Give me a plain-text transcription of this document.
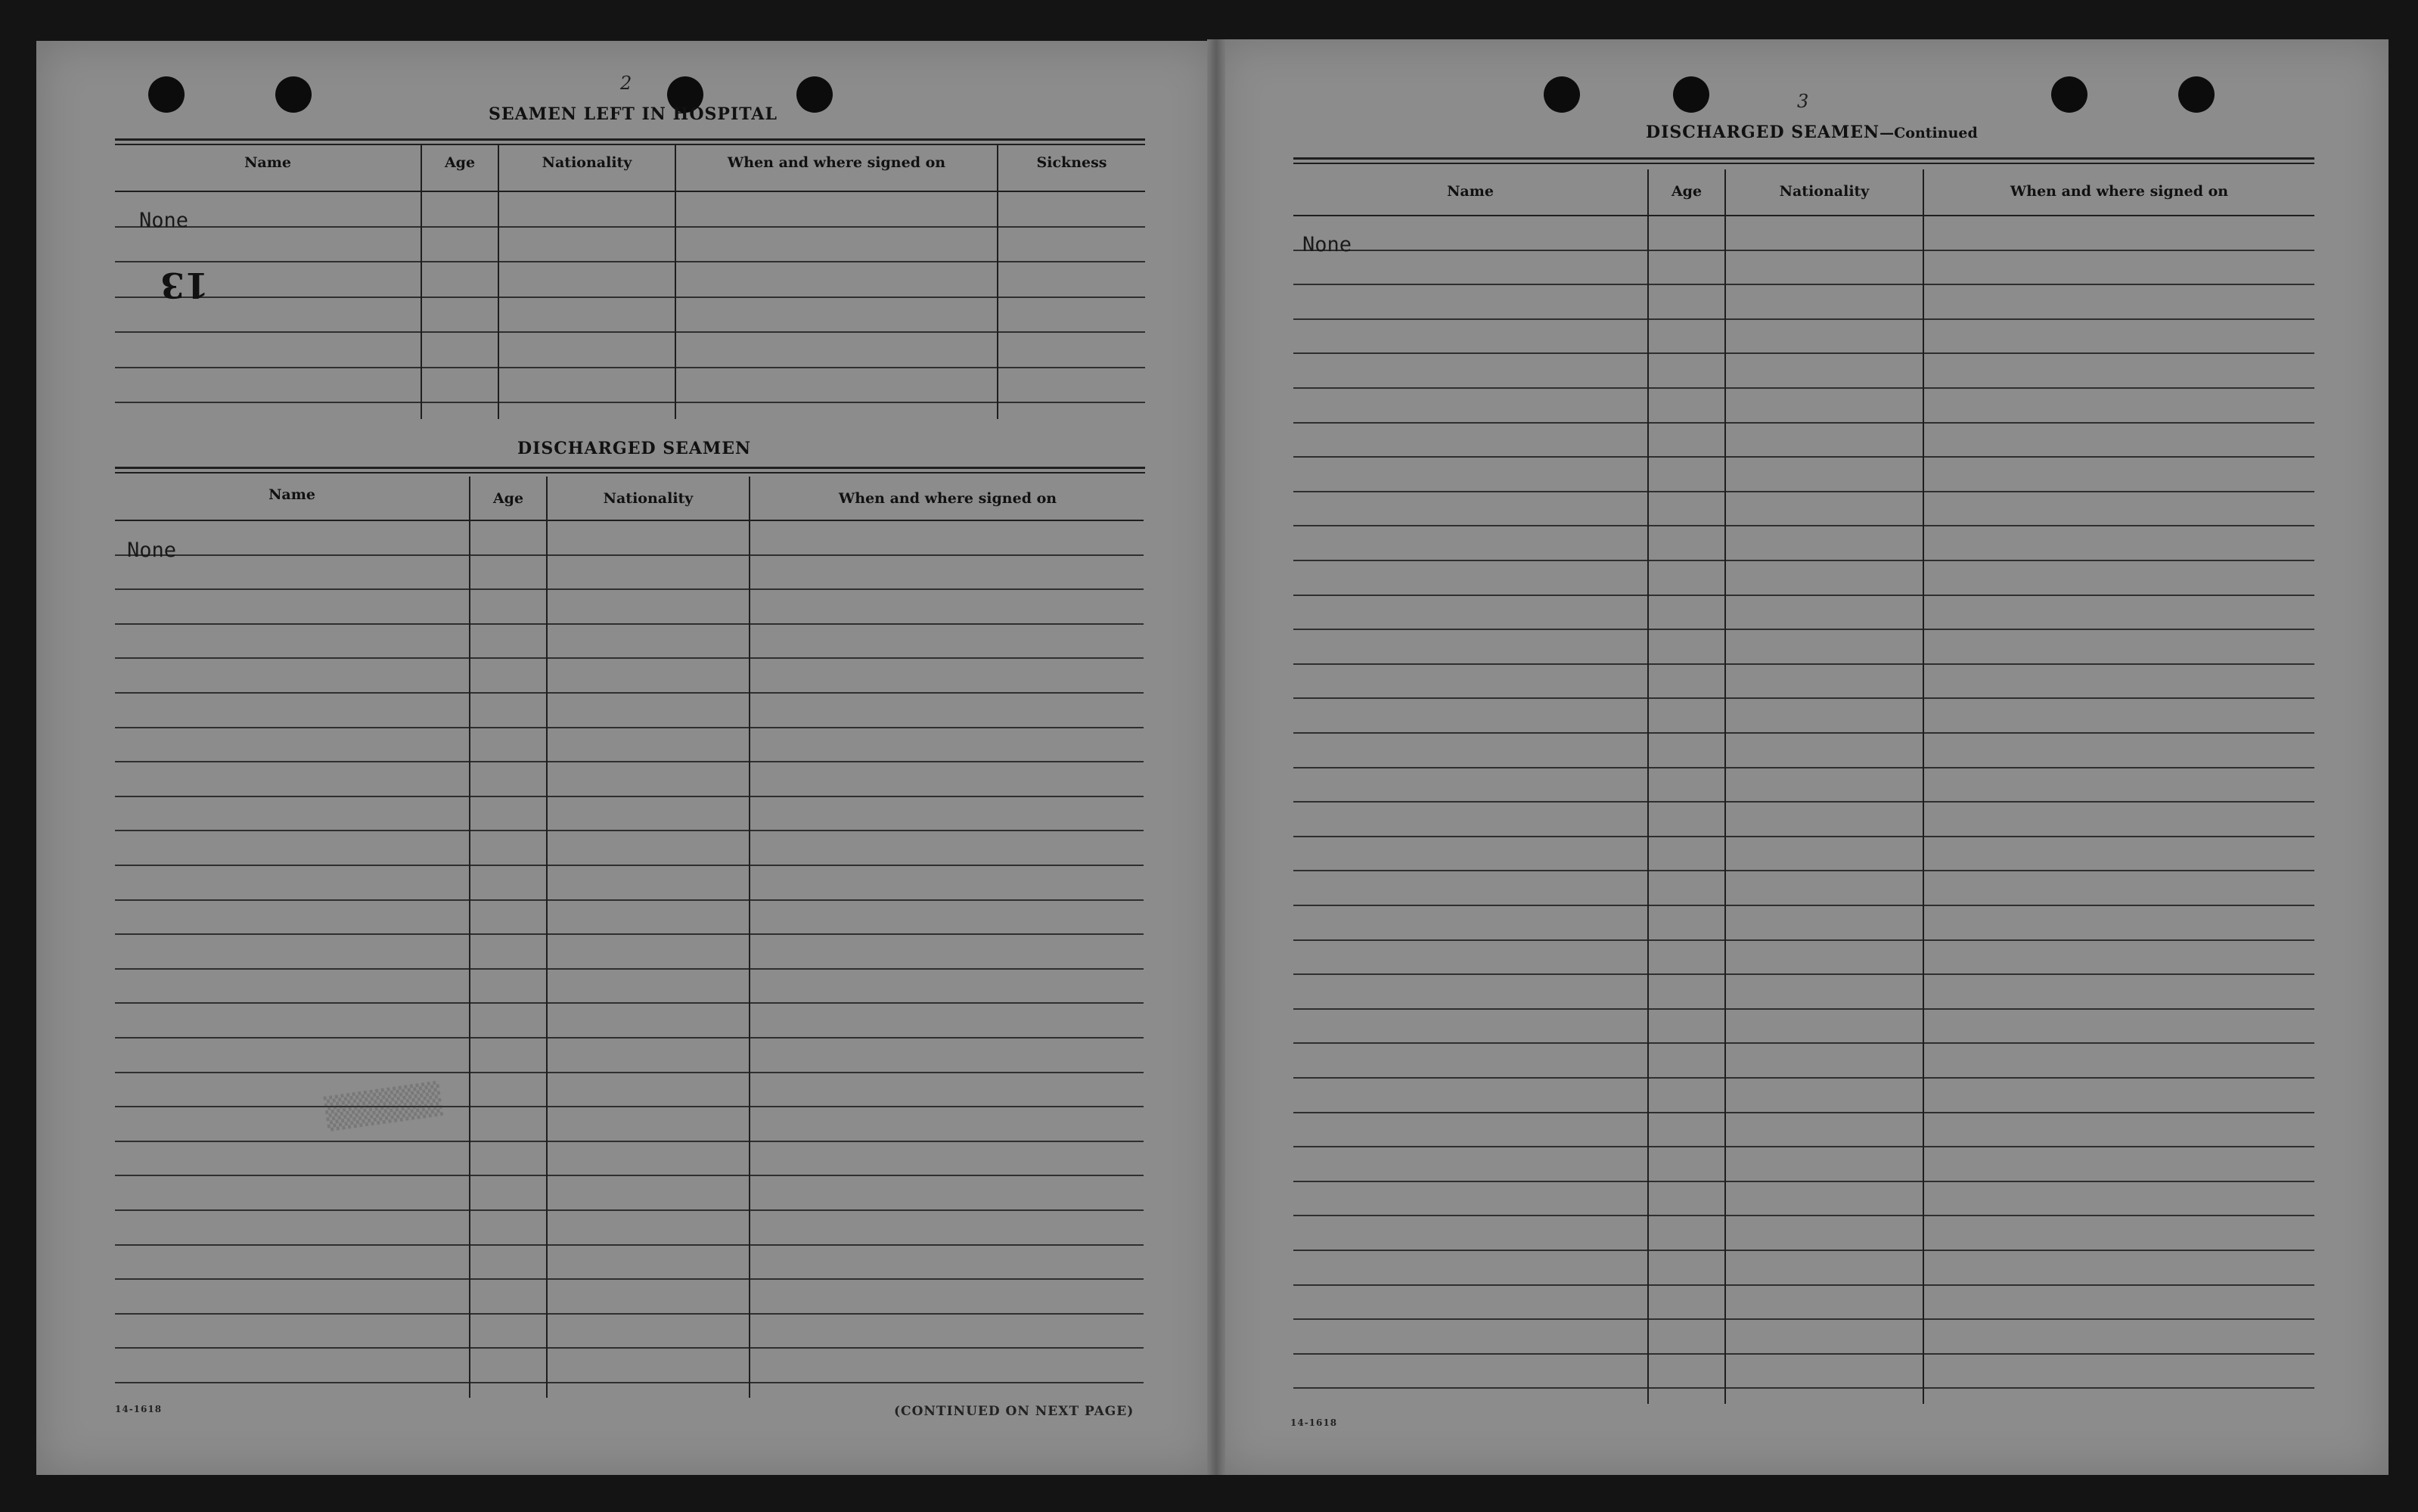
2
SEAMEN LEFT IN HOSPITAL
Name	Age	Nationality	When and where signed on	Sickness
None
13
DISCHARGED SEAMEN
Name	Age	Nationality	When and where signed on
None
▒▒▒▒▒
14-1618	(CONTINUED ON NEXT PAGE)
3
DISCHARGED SEAMEN—Continued
Name	Age	Nationality	When and where signed on
None
14-1618
